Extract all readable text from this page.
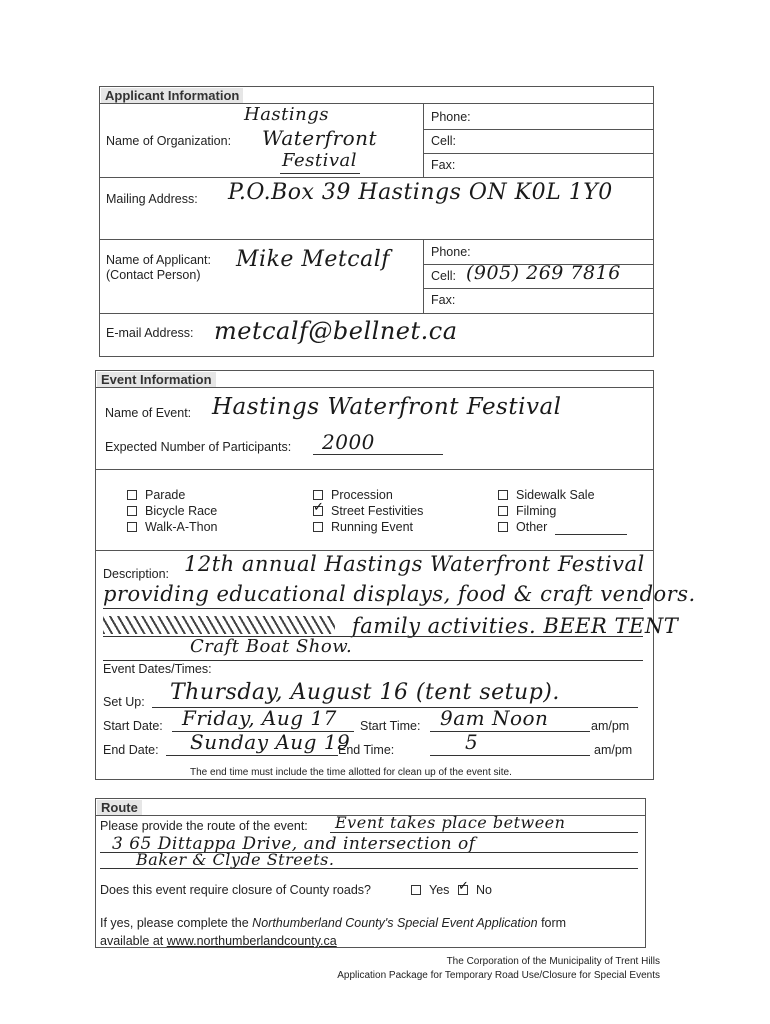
Applicant Information
Name of Organization:
Hastings
Waterfront
Festival
Phone:
Cell:
Fax:
Mailing Address: P.O.Box 39 Hastings ON K0L 1Y0
Name of Applicant:
(Contact Person)
Mike Metcalf	Phone:
Cell: (905) 269 7816
Fax:
E-mail Address: metcalf@bellnet.ca
Event Information
Name of Event: Hastings Waterfront Festival
Expected Number of Participants: 2000
Parade
Bicycle Race
Walk-A-Thon
Procession
✓Street Festivities
Running Event
Sidewalk Sale
Filming
Other
Description: 12th annual Hastings Waterfront Festival
providing educational displays, food & craft vendors.
family activities. BEER TENT
Craft Boat Show.
Event Dates/Times:
Set Up: Thursday, August 16 (tent setup).
Start Date: Friday, Aug 17 Start Time: 9am Noon	am/pm
End Date: Sunday Aug 19
End Time:	5	am/pm
The end time must include the time allotted for clean up of the event site.
Route
Please provide the route of the event: Event takes place between
3 65 Dittappa Drive, and intersection of
Baker & Clyde Streets.
Does this event require closure of County roads?	Yes
✓	No
If yes, please complete the Northumberland County's Special Event Application form
available at www.northumberlandcounty.ca
The Corporation of the Municipality of Trent Hills
Application Package for Temporary Road Use/Closure for Special Events
